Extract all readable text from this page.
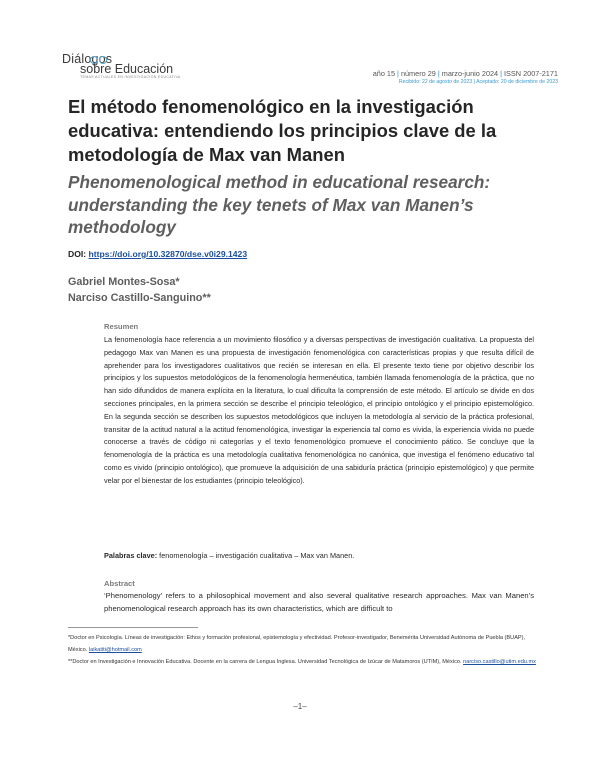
Diálogos
sobre Educación
TEMAS ACTUALES EN INVESTIGACIÓN EDUCATIVA	año 15 | número 29 | marzo-junio 2024 | ISSN 2007-2171
Recibido: 22 de agosto de 2023 | Aceptado: 20 de diciembre de 2023
El método fenomenológico en la investigación educativa: entendiendo los principios clave de la metodología de Max van Manen
Phenomenological method in educational research: understanding the key tenets of Max van Manen’s methodology
DOI: https://doi.org/10.32870/dse.v0i29.1423
Gabriel Montes-Sosa*
Narciso Castillo-Sanguino**
Resumen

La fenomenología hace referencia a un movimiento filosófico y a diversas perspectivas de investigación cualitativa. La propuesta del pedagogo Max van Manen es una propuesta de investigación fenomenológica con características propias y que resulta difícil de aprehender para los investigadores cualitativos que recién se interesan en ella. El presente texto tiene por objetivo describir los principios y los supuestos metodológicos de la fenomenología hermenéutica, también llamada fenomenología de la práctica, que no han sido difundidos de manera explícita en la literatura, lo cual dificulta la comprensión de este método. El artículo se divide en dos secciones principales, en la primera sección se describe el principio teleológico, el principio ontológico y el principio epistemológico. En la segunda sección se describen los supuestos metodológicos que incluyen la metodología al servicio de la práctica profesional, transitar de la actitud natural a la actitud fenomenológica, investigar la experiencia tal como es vivida, la experiencia vivida no puede conocerse a través de código ni categorías y el texto fenomenológico promueve el conocimiento pático. Se concluye que la fenomenología de la práctica es una metodología cualitativa fenomenológica no canónica, que investiga el fenómeno educativo tal como es vivido (principio ontológico), que promueve la adquisición de una sabiduría práctica (principio epistemológico) y que permite velar por el bienestar de los estudiantes (principio teleológico).

Palabras clave: fenomenología – investigación cualitativa – Max van Manen.
Abstract

‘Phenomenology’ refers to a philosophical movement and also several qualitative research approaches. Max van Manen’s phenomenological research approach has its own characteristics, which are difficult to

*Doctor en Psicología. Líneas de investigación: Ethos y formación profesional, epistemología y efectividad. Profesor-investigador, Benemérita Universidad Autónoma de Puebla (BUAP), México. laikatiti@hotmail.com

**Doctor en Investigación e Innovación Educativa. Docente en la carrera de Lengua Inglesa. Universidad Tecnológica de Izúcar de Matamoros (UTIM), México. narciso.castillo@utim.edu.mx

–1–
